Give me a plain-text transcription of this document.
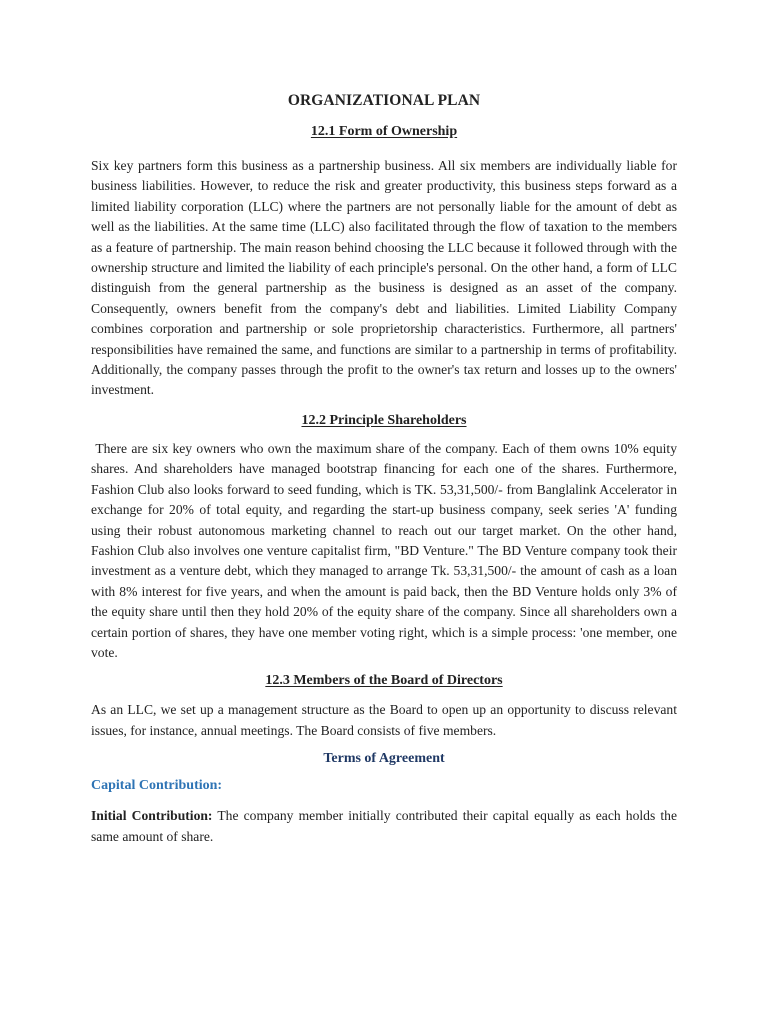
ORGANIZATIONAL PLAN
12.1 Form of Ownership

Six key partners form this business as a partnership business. All six members are individually liable for business liabilities. However, to reduce the risk and greater productivity, this business steps forward as a limited liability corporation (LLC) where the partners are not personally liable for the amount of debt as well as the liabilities. At the same time (LLC) also facilitated through the flow of taxation to the members as a feature of partnership. The main reason behind choosing the LLC because it followed through with the ownership structure and limited the liability of each principle's personal. On the other hand, a form of LLC distinguish from the general partnership as the business is designed as an asset of the company. Consequently, owners benefit from the company's debt and liabilities. Limited Liability Company combines corporation and partnership or sole proprietorship characteristics. Furthermore, all partners' responsibilities have remained the same, and functions are similar to a partnership in terms of profitability. Additionally, the company passes through the profit to the owner's tax return and losses up to the owners' investment.

12.2 Principle Shareholders

There are six key owners who own the maximum share of the company. Each of them owns 10% equity shares. And shareholders have managed bootstrap financing for each one of the shares. Furthermore, Fashion Club also looks forward to seed funding, which is TK. 53,31,500/- from Banglalink Accelerator in exchange for 20% of total equity, and regarding the start-up business company, seek series 'A' funding using their robust autonomous marketing channel to reach out our target market. On the other hand, Fashion Club also involves one venture capitalist firm, "BD Venture." The BD Venture company took their investment as a venture debt, which they managed to arrange Tk. 53,31,500/- the amount of cash as a loan with 8% interest for five years, and when the amount is paid back, then the BD Venture holds only 3% of the equity share until then they hold 20% of the equity share of the company. Since all shareholders own a certain portion of shares, they have one member voting right, which is a simple process: 'one member, one vote.

12.3 Members of the Board of Directors

As an LLC, we set up a management structure as the Board to open up an opportunity to discuss relevant issues, for instance, annual meetings. The Board consists of five members.

Terms of Agreement
Capital Contribution:

Initial Contribution: The company member initially contributed their capital equally as each holds the same amount of share.
